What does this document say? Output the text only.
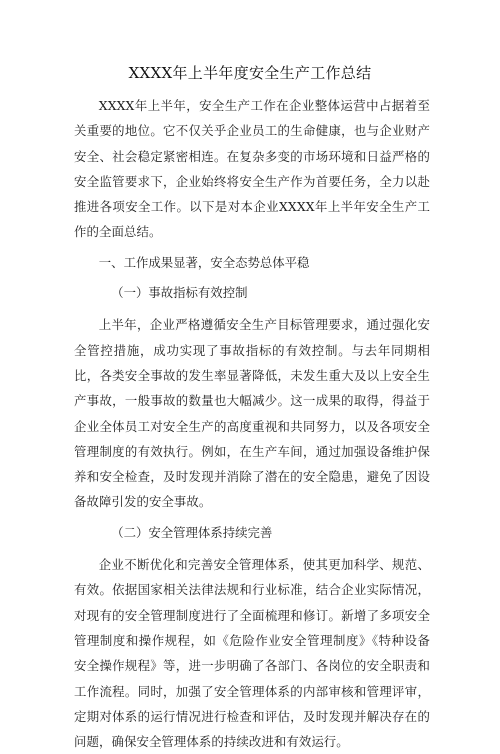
XXXX年上半年度安全生产工作总结

XXXX年上半年，安全生产工作在企业整体运营中占据着至关重要的地位。它不仅关乎企业员工的生命健康，也与企业财产安全、社会稳定紧密相连。在复杂多变的市场环境和日益严格的安全监管要求下，企业始终将安全生产作为首要任务，全力以赴推进各项安全工作。以下是对本企业XXXX年上半年安全生产工作的全面总结。

一、工作成果显著，安全态势总体平稳

（一）事故指标有效控制

上半年，企业严格遵循安全生产目标管理要求，通过强化安全管控措施，成功实现了事故指标的有效控制。与去年同期相比，各类安全事故的发生率显著降低，未发生重大及以上安全生产事故，一般事故的数量也大幅减少。这一成果的取得，得益于企业全体员工对安全生产的高度重视和共同努力，以及各项安全管理制度的有效执行。例如，在生产车间，通过加强设备维护保养和安全检查，及时发现并消除了潜在的安全隐患，避免了因设备故障引发的安全事故。

（二）安全管理体系持续完善

企业不断优化和完善安全管理体系，使其更加科学、规范、有效。依据国家相关法律法规和行业标准，结合企业实际情况，对现有的安全管理制度进行了全面梳理和修订。新增了多项安全管理制度和操作规程，如《危险作业安全管理制度》《特种设备安全操作规程》等，进一步明确了各部门、各岗位的安全职责和工作流程。同时，加强了安全管理体系的内部审核和管理评审，定期对体系的运行情况进行检查和评估，及时发现并解决存在的问题，确保安全管理体系的持续改进和有效运行。
